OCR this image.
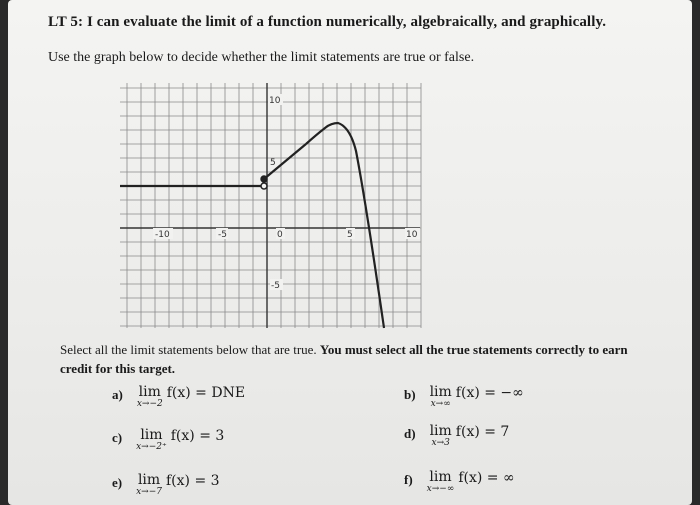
LT 5: I can evaluate the limit of a function numerically, algebraically, and graphically.
Use the graph below to decide whether the limit statements are true or false.
-10	-5	0	5	10
10
5
-5
Select all the limit statements below that are true. You must select all the true statements correctly to earn credit for this target.
a) lim
x→−2
f(x) = DNE	b) lim
x→∞
f(x) = −∞
c) lim
x→−2⁺
f(x) = 3	d) lim
x→3
f(x) = 7
e) lim
x→−7
f(x) = 3	f) lim
x→−∞
f(x) = ∞
